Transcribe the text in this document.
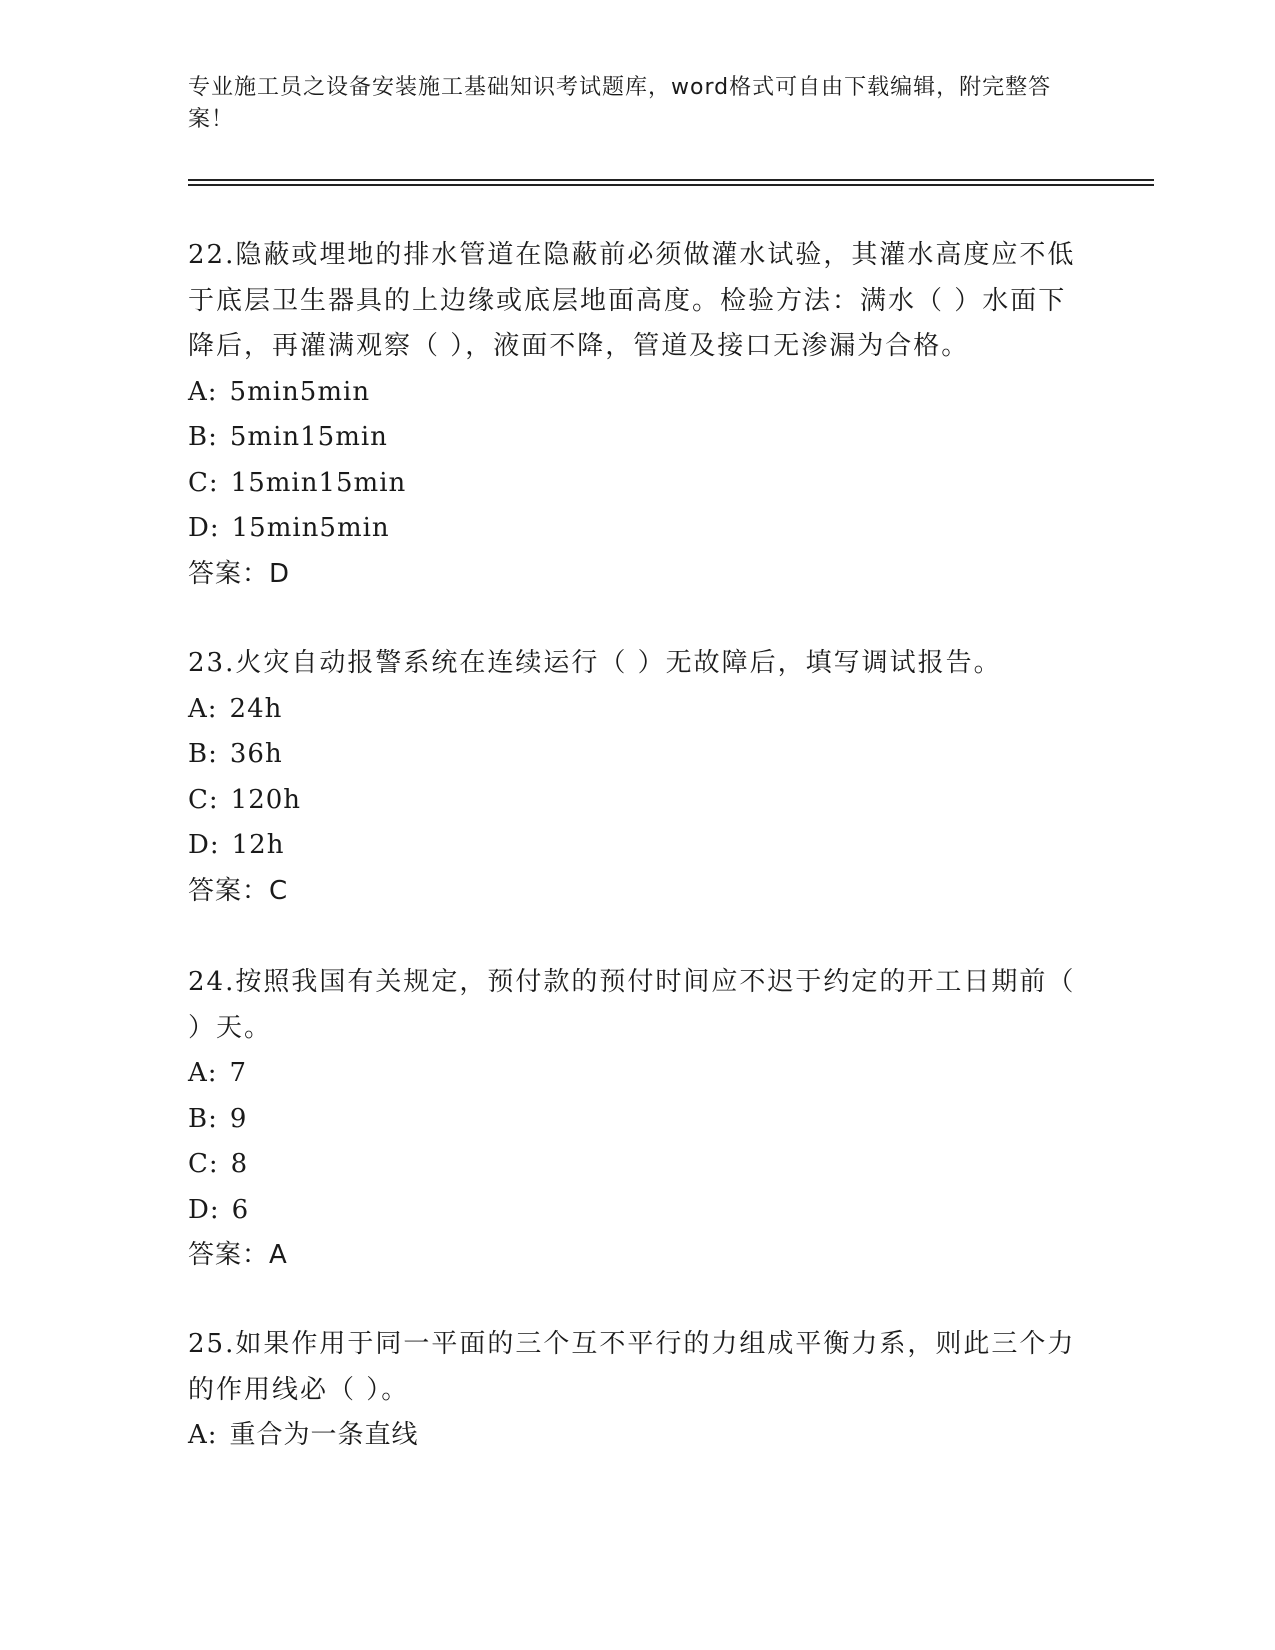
专业施工员之设备安装施工基础知识考试题库，word格式可自由下载编辑，附完整答案！

22.隐蔽或埋地的排水管道在隐蔽前必须做灌水试验，其灌水高度应不低于底层卫生器具的上边缘或底层地面高度。检验方法：满水（ ）水面下降后，再灌满观察（ ），液面不降，管道及接口无渗漏为合格。

A: 5min5min

B: 5min15min

C: 15min15min

D: 15min5min

答案：D

23.火灾自动报警系统在连续运行（ ）无故障后，填写调试报告。

A: 24h

B: 36h

C: 120h

D: 12h

答案：C

24.按照我国有关规定，预付款的预付时间应不迟于约定的开工日期前（ ）天。

A: 7

B: 9

C: 8

D: 6

答案：A

25.如果作用于同一平面的三个互不平行的力组成平衡力系，则此三个力的作用线必（ ）。

A: 重合为一条直线
